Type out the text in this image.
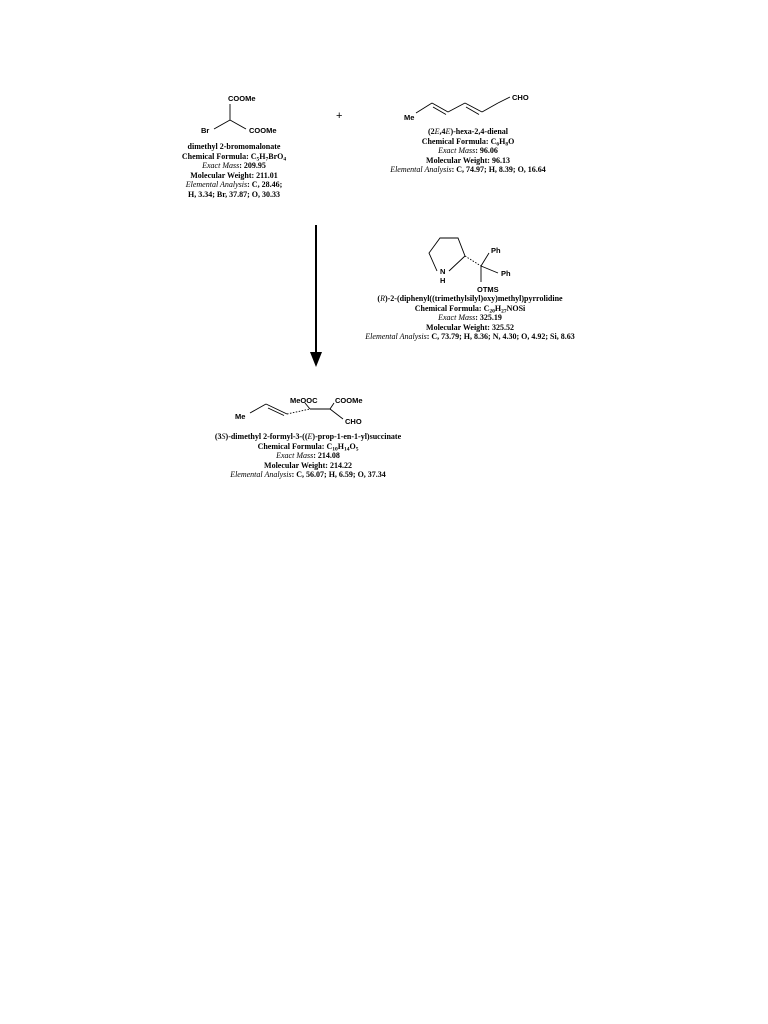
COOMe
COOMe
Br
+
CHO
Me
N
H
Ph
Ph
OTMS
MeOOC COOMe
CHO
Me
dimethyl 2-bromomalonate
Chemical Formula: $C_5H_7BrO_4$
Exact Mass: 209.95
Molecular Weight: 211.01
Elemental Analysis: C, 28.46;
H, 3.34; Br, 37.87; O, 30.33
(2E,4E)-hexa-2,4-dienal
Chemical Formula: $C_6H_8O$
Exact Mass: 96.06
Molecular Weight: 96.13
Elemental Analysis: C, 74.97; H, 8.39; O, 16.64
(R)-2-(diphenyl((trimethylsilyl)oxy)methyl)pyrrolidine
Chemical Formula: $C_{20}H_{27}NOSi$
Exact Mass: 325.19
Molecular Weight: 325.52
Elemental Analysis: C, 73.79; H, 8.36; N, 4.30; O, 4.92; Si, 8.63
(3S)-dimethyl 2-formyl-3-((E)-prop-1-en-1-yl)succinate
Chemical Formula: $C_{10}H_{14}O_5$
Exact Mass: 214.08
Molecular Weight: 214.22
Elemental Analysis: C, 56.07; H, 6.59; O, 37.34
